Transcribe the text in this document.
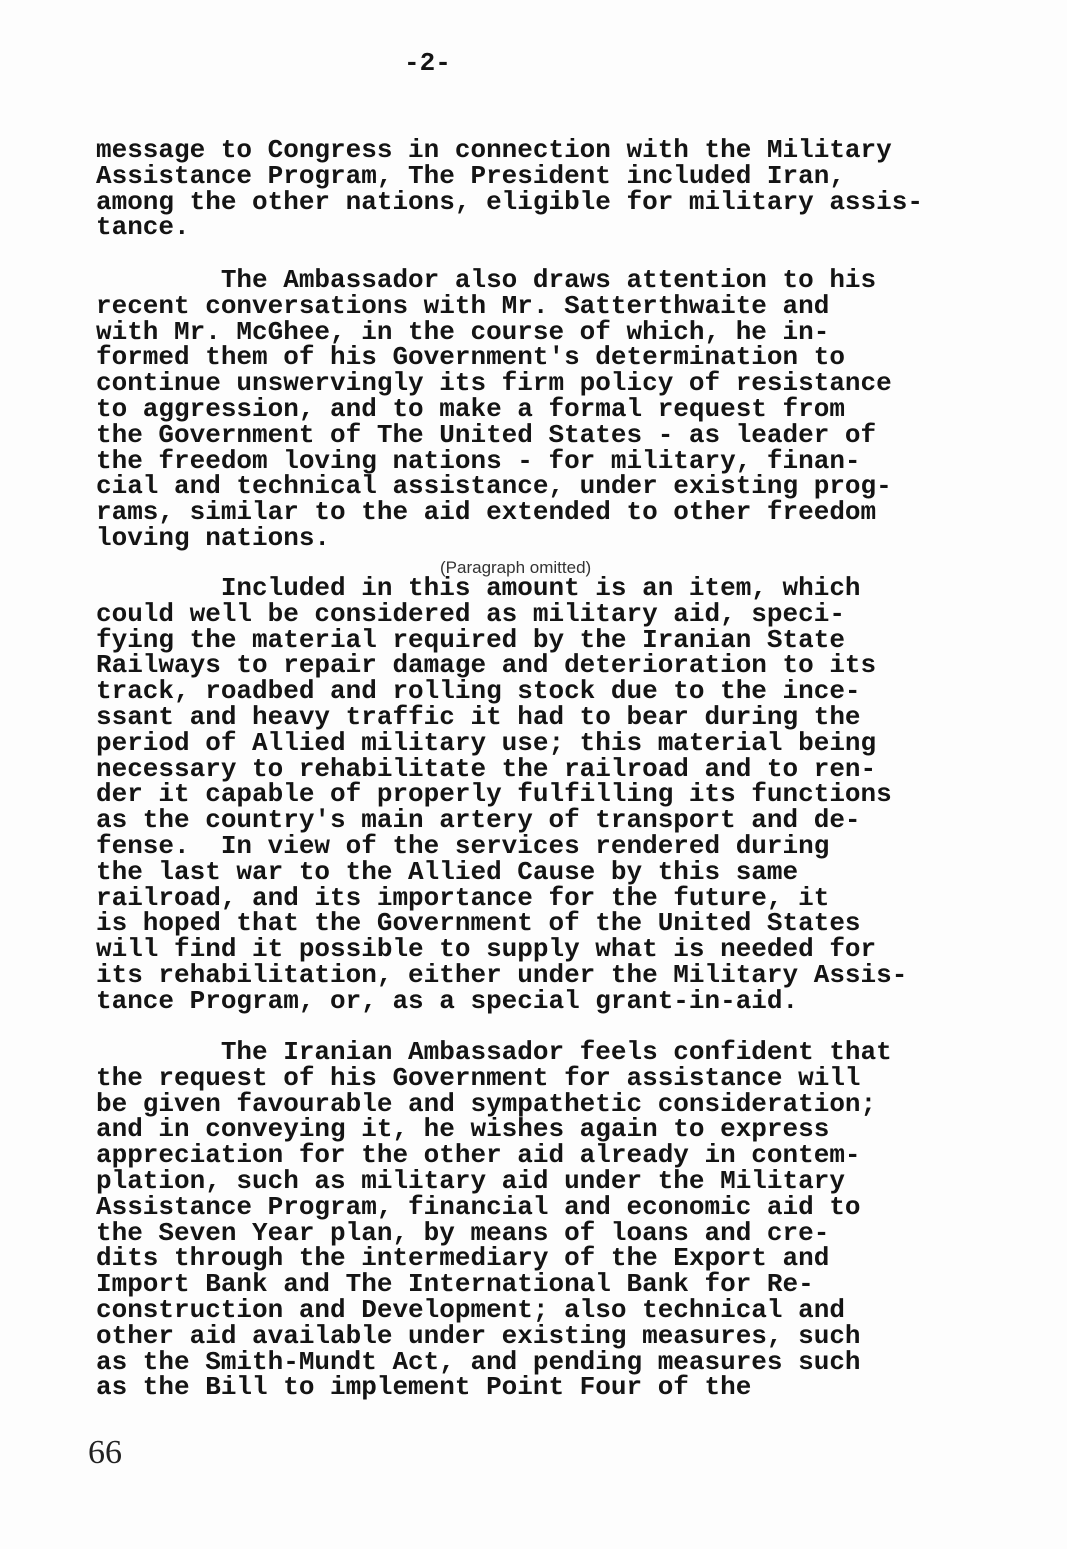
-2-
message to Congress in connection with the Military
Assistance Program, The President included Iran,
among the other nations, eligible for military assis-
tance.
The Ambassador also draws attention to his
recent conversations with Mr. Satterthwaite and
with Mr. McGhee, in the course of which, he in-
formed them of his Government's determination to
continue unswervingly its firm policy of resistance
to aggression, and to make a formal request from
the Government of The United States - as leader of
the freedom loving nations - for military, finan-
cial and technical assistance, under existing prog-
rams, similar to the aid extended to other freedom
loving nations.
(Paragraph omitted)
Included in this amount is an item, which
could well be considered as military aid, speci-
fying the material required by the Iranian State
Railways to repair damage and deterioration to its
track, roadbed and rolling stock due to the ince-
ssant and heavy traffic it had to bear during the
period of Allied military use; this material being
necessary to rehabilitate the railroad and to ren-
der it capable of properly fulfilling its functions
as the country's main artery of transport and de-
fense.  In view of the services rendered during
the last war to the Allied Cause by this same
railroad, and its importance for the future, it
is hoped that the Government of the United States
will find it possible to supply what is needed for
its rehabilitation, either under the Military Assis-
tance Program, or, as a special grant-in-aid.
The Iranian Ambassador feels confident that
the request of his Government for assistance will
be given favourable and sympathetic consideration;
and in conveying it, he wishes again to express
appreciation for the other aid already in contem-
plation, such as military aid under the Military
Assistance Program, financial and economic aid to
the Seven Year plan, by means of loans and cre-
dits through the intermediary of the Export and
Import Bank and The International Bank for Re-
construction and Development; also technical and
other aid available under existing measures, such
as the Smith-Mundt Act, and pending measures such
as the Bill to implement Point Four of the
66
